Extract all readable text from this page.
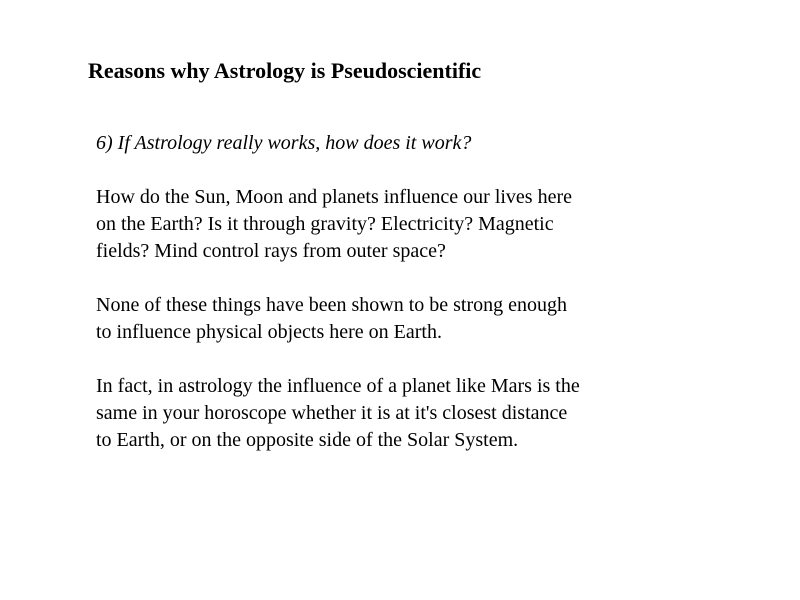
Reasons why Astrology is Pseudoscientific
6) If Astrology really works, how does it work?
How do the Sun, Moon and planets influence our lives here
on the Earth? Is it through gravity? Electricity? Magnetic
fields? Mind control rays from outer space?
None of these things have been shown to be strong enough
to influence physical objects here on Earth.
In fact, in astrology the influence of a planet like Mars is the
same in your horoscope whether it is at it's closest distance
to Earth, or on the opposite side of the Solar System.
